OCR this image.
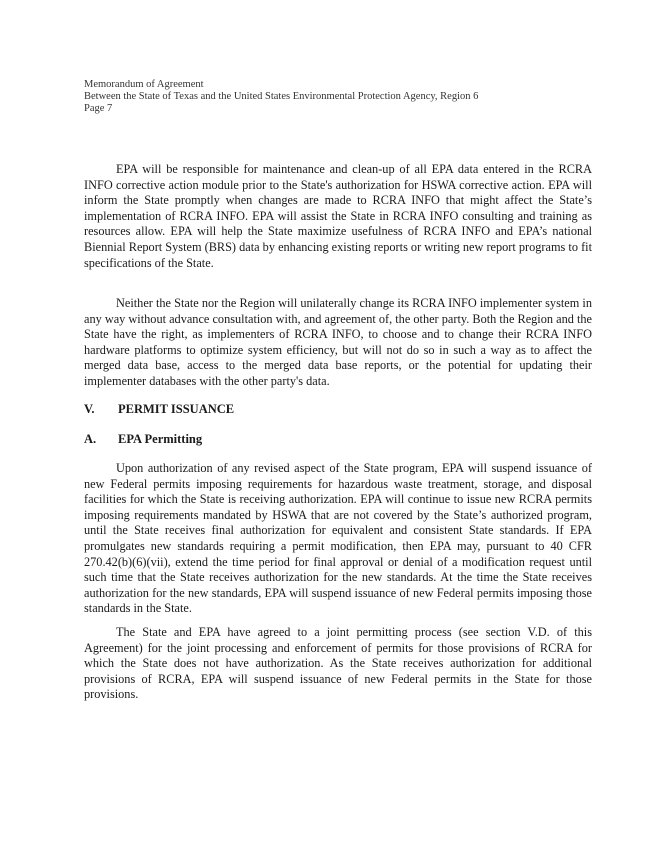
Memorandum of Agreement
Between the State of Texas and the United States Environmental Protection Agency, Region 6
Page 7

EPA will be responsible for maintenance and clean-up of all EPA data entered in the RCRA INFO corrective action module prior to the State's authorization for HSWA corrective action. EPA will inform the State promptly when changes are made to RCRA INFO that might affect the State’s implementation of RCRA INFO. EPA will assist the State in RCRA INFO consulting and training as resources allow. EPA will help the State maximize usefulness of RCRA INFO and EPA’s national Biennial Report System (BRS) data by enhancing existing reports or writing new report programs to fit specifications of the State.

Neither the State nor the Region will unilaterally change its RCRA INFO implementer system in any way without advance consultation with, and agreement of, the other party. Both the Region and the State have the right, as implementers of RCRA INFO, to choose and to change their RCRA INFO hardware platforms to optimize system efficiency, but will not do so in such a way as to affect the merged data base, access to the merged data base reports, or the potential for updating their implementer databases with the other party's data.

V. PERMIT ISSUANCE
A. EPA Permitting

Upon authorization of any revised aspect of the State program, EPA will suspend issuance of new Federal permits imposing requirements for hazardous waste treatment, storage, and disposal facilities for which the State is receiving authorization. EPA will continue to issue new RCRA permits imposing requirements mandated by HSWA that are not covered by the State’s authorized program, until the State receives final authorization for equivalent and consistent State standards. If EPA promulgates new standards requiring a permit modification, then EPA may, pursuant to 40 CFR 270.42(b)(6)(vii), extend the time period for final approval or denial of a modification request until such time that the State receives authorization for the new standards. At the time the State receives authorization for the new standards, EPA will suspend issuance of new Federal permits imposing those standards in the State.

The State and EPA have agreed to a joint permitting process (see section V.D. of this Agreement) for the joint processing and enforcement of permits for those provisions of RCRA for which the State does not have authorization. As the State receives authorization for additional provisions of RCRA, EPA will suspend issuance of new Federal permits in the State for those provisions.
